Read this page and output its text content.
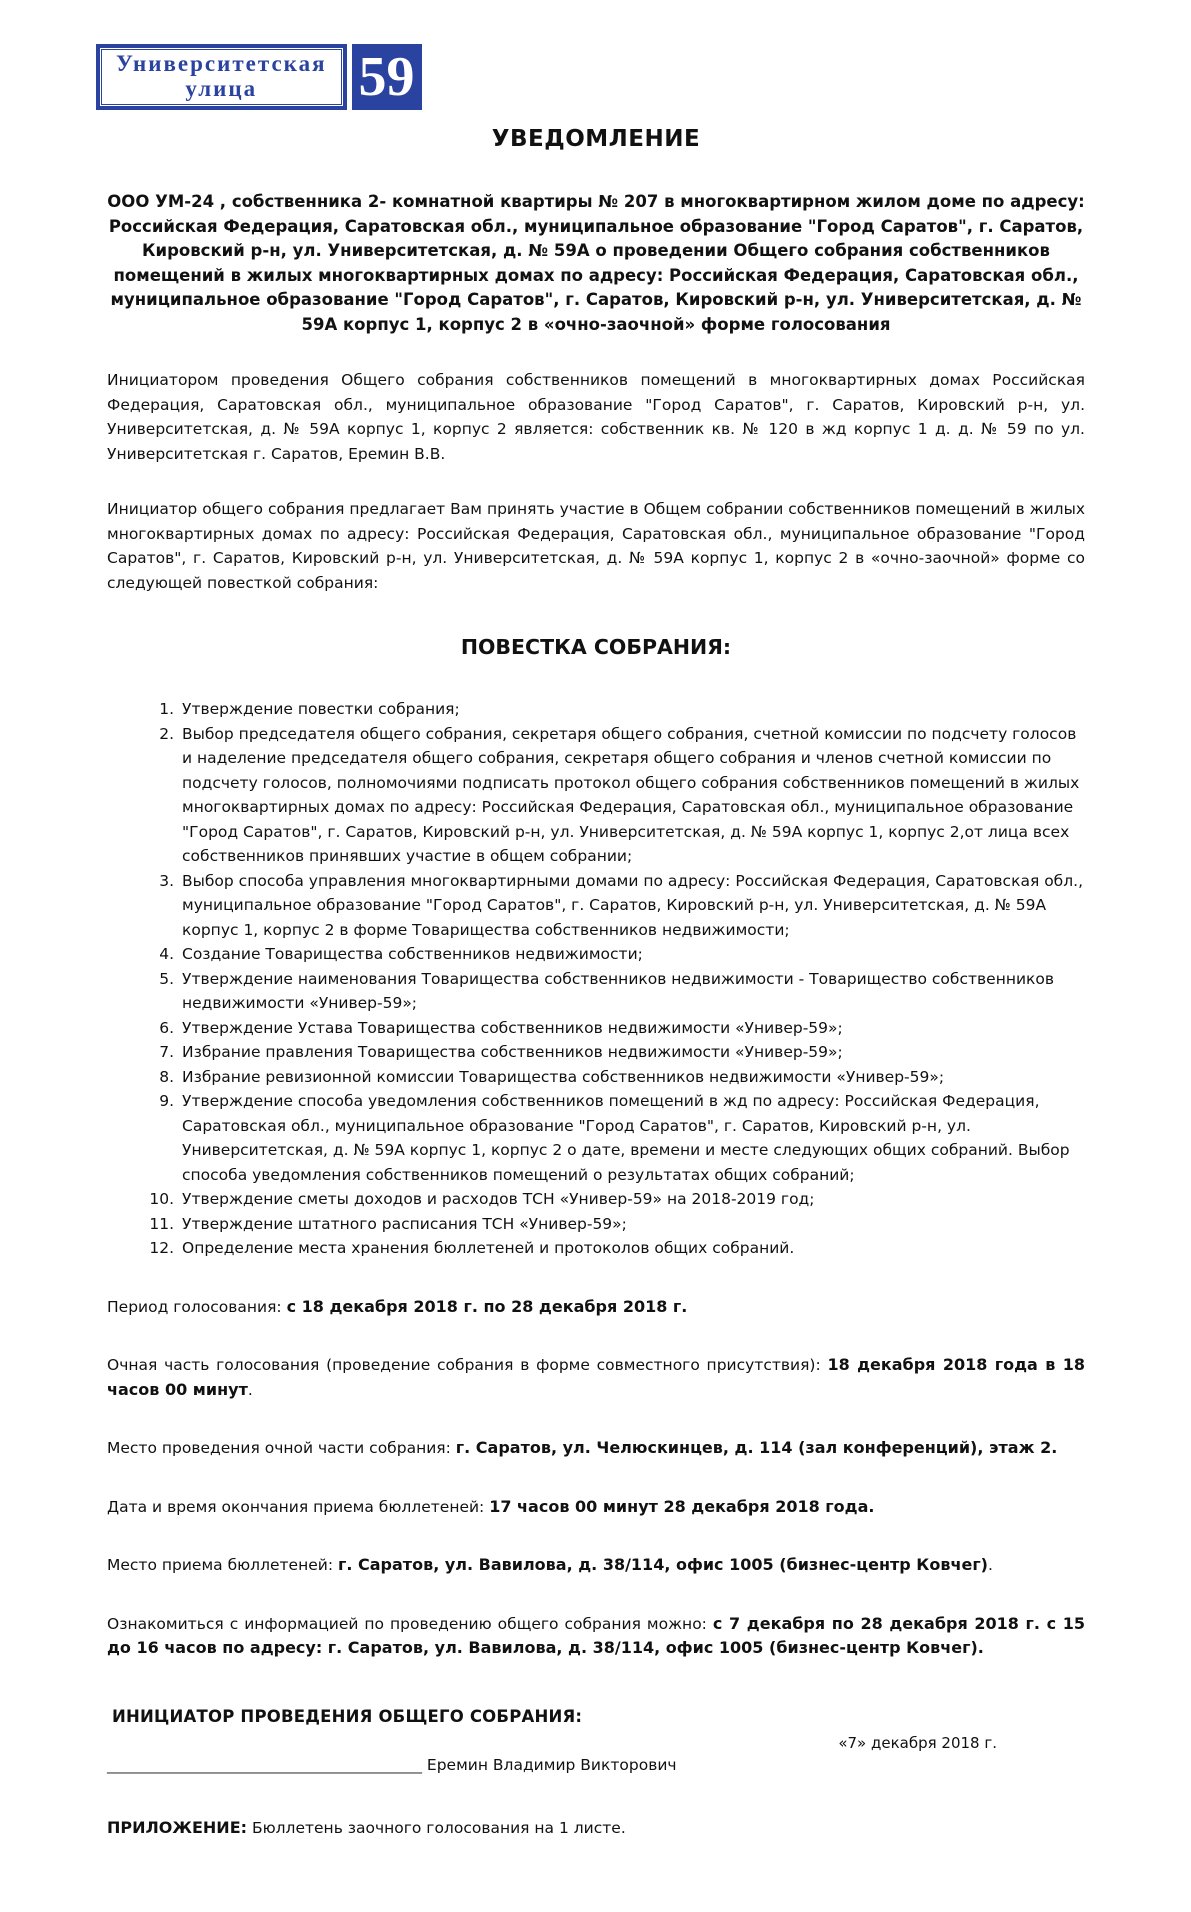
Университетская
улица	59
УВЕДОМЛЕНИЕ
ООО УМ-24 , собственника 2- комнатной квартиры № 207 в многоквартирном жилом доме по адресу: Российская Федерация, Саратовская обл., муниципальное образование "Город Саратов", г. Саратов, Кировский р-н, ул. Университетская, д. № 59А о проведении Общего собрания собственников помещений в жилых многоквартирных домах по адресу: Российская Федерация, Саратовская обл., муниципальное образование "Город Саратов", г. Саратов, Кировский р-н, ул. Университетская, д. № 59А корпус 1, корпус 2 в «очно-заочной» форме голосования

Инициатором проведения Общего собрания собственников помещений в многоквартирных домах Российская Федерация, Саратовская обл., муниципальное образование "Город Саратов", г. Саратов, Кировский р-н, ул. Университетская, д. № 59А корпус 1, корпус 2 является: собственник кв. № 120 в жд корпус 1 д. д. № 59 по ул. Университетская г. Саратов, Еремин В.В.

Инициатор общего собрания предлагает Вам принять участие в Общем собрании собственников помещений в жилых многоквартирных домах по адресу: Российская Федерация, Саратовская обл., муниципальное образование "Город Саратов", г. Саратов, Кировский р-н, ул. Университетская, д. № 59А корпус 1, корпус 2 в «очно-заочной» форме со следующей повесткой собрания:

ПОВЕСТКА СОБРАНИЯ:
Утверждение повестки собрания;
Выбор председателя общего собрания, секретаря общего собрания, счетной комиссии по подсчету голосов и наделение председателя общего собрания, секретаря общего собрания и членов счетной комиссии по подсчету голосов, полномочиями подписать протокол общего собрания собственников помещений в жилых многоквартирных домах по адресу: Российская Федерация, Саратовская обл., муниципальное образование "Город Саратов", г. Саратов, Кировский р-н, ул. Университетская, д. № 59А корпус 1, корпус 2,от лица всех собственников принявших участие в общем собрании;
Выбор способа управления многоквартирными домами по адресу: Российская Федерация, Саратовская обл., муниципальное образование "Город Саратов", г. Саратов, Кировский р-н, ул. Университетская, д. № 59А корпус 1, корпус 2 в форме Товарищества собственников недвижимости;
Создание Товарищества собственников недвижимости;
Утверждение наименования Товарищества собственников недвижимости - Товарищество собственников недвижимости «Универ-59»;
Утверждение Устава Товарищества собственников недвижимости «Универ-59»;
Избрание правления Товарищества собственников недвижимости «Универ-59»;
Избрание ревизионной комиссии Товарищества собственников недвижимости «Универ-59»;
Утверждение способа уведомления собственников помещений в жд по адресу: Российская Федерация, Саратовская обл., муниципальное образование "Город Саратов", г. Саратов, Кировский р-н, ул. Университетская, д. № 59А корпус 1, корпус 2 о дате, времени и месте следующих общих собраний. Выбор способа уведомления собственников помещений о результатах общих собраний;
Утверждение сметы доходов и расходов ТСН «Универ-59» на 2018-2019 год;
Утверждение штатного расписания ТСН «Универ-59»;
Определение места хранения бюллетеней и протоколов общих собраний.

Период голосования: с 18 декабря 2018 г. по 28 декабря 2018 г.

Очная часть голосования (проведение собрания в форме совместного присутствия): 18 декабря 2018 года в 18 часов 00 минут.

Место проведения очной части собрания: г. Саратов, ул. Челюскинцев, д. 114 (зал конференций), этаж 2.

Дата и время окончания приема бюллетеней: 17 часов 00 минут 28 декабря 2018 года.

Место приема бюллетеней: г. Саратов, ул. Вавилова, д. 38/114, офис 1005 (бизнес-центр Ковчег).

Ознакомиться с информацией по проведению общего собрания можно: с 7 декабря по 28 декабря 2018 г. с 15 до 16 часов по адресу: г. Саратов, ул. Вавилова, д. 38/114, офис 1005 (бизнес-центр Ковчег).

ИНИЦИАТОР ПРОВЕДЕНИЯ ОБЩЕГО СОБРАНИЯ:
«7» декабря 2018 г.
__________________________________________ Еремин Владимир Викторович

ПРИЛОЖЕНИЕ: Бюллетень заочного голосования на 1 листе.
